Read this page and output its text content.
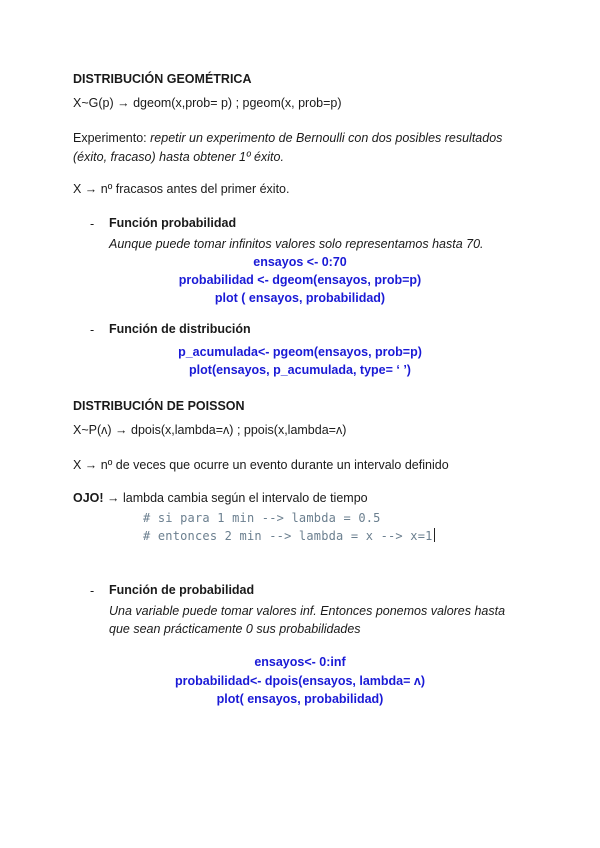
DISTRIBUCIÓN GEOMÉTRICA
X~G(p) → dgeom(x,prob= p) ; pgeom(x, prob=p)
Experimento: repetir un experimento de Bernoulli con dos posibles resultados
(éxito, fracaso) hasta obtener 1º éxito.
X → nº fracasos antes del primer éxito.
- Función probabilidad
Aunque puede tomar infinitos valores solo representamos hasta 70.
ensayos <- 0:70
probabilidad <- dgeom(ensayos, prob=p)
plot ( ensayos, probabilidad)
- Función de distribución
p_acumulada<- pgeom(ensayos, prob=p)
plot(ensayos, p_acumulada, type= ‘ ’)
DISTRIBUCIÓN DE POISSON
X~P(ʌ) → dpois(x,lambda=ʌ) ; ppois(x,lambda=ʌ)
X → nº de veces que ocurre un evento durante un intervalo definido
OJO! → lambda cambia según el intervalo de tiempo
# si para 1 min --> lambda = 0.5
# entonces 2 min --> lambda = x --> x=1
- Función de probabilidad
Una variable puede tomar valores inf. Entonces ponemos valores hasta
que sean prácticamente 0 sus probabilidades
ensayos<- 0:inf
probabilidad<- dpois(ensayos, lambda= ʌ)
plot( ensayos, probabilidad)
